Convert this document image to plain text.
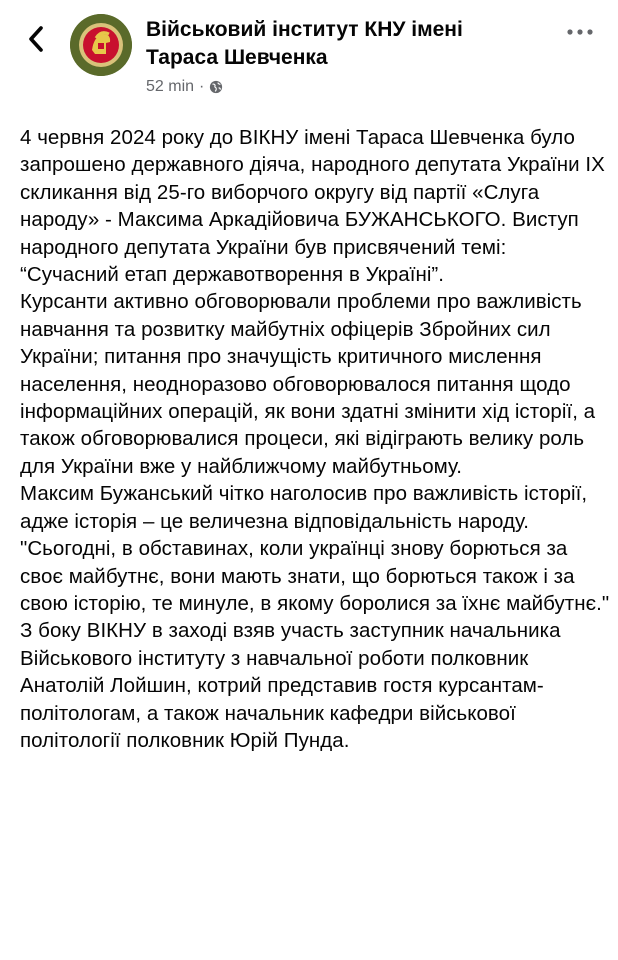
Військовий інститут КНУ імені Тараса Шевченка
52 min ·

4 червня 2024 року до ВІКНУ імені Тараса Шевченка було запрошено державного діяча, народного депутата України IX скликання від 25-го виборчого округу від партії «Слуга народу» - Максима Аркадійовича БУЖАНСЬКОГО. Виступ народного депутата України був присвячений темі: “Сучасний етап державотворення в Україні”.

Курсанти активно обговорювали проблеми про важливість навчання та розвитку майбутніх офіцерів Збройних сил України; питання про значущість критичного мислення населення, неодноразово обговорювалося питання щодо інформаційних операцій, як вони здатні змінити хід історії, а також обговорювалися процеси, які відіграють велику роль для України вже у найближчому майбутньому.

Максим Бужанський чітко наголосив про важливість історії, адже історія – це величезна відповідальність народу.

"Сьогодні, в обставинах, коли українці знову борються за своє майбутнє, вони мають знати, що борються також і за свою історію, те минуле, в якому боролися за їхнє майбутнє."

З боку ВІКНУ в заході взяв участь заступник начальника Військового інституту з навчальної роботи полковник Анатолій Лойшин, котрий представив гостя курсантам-політологам, а також начальник кафедри військової політології полковник Юрій Пунда.
